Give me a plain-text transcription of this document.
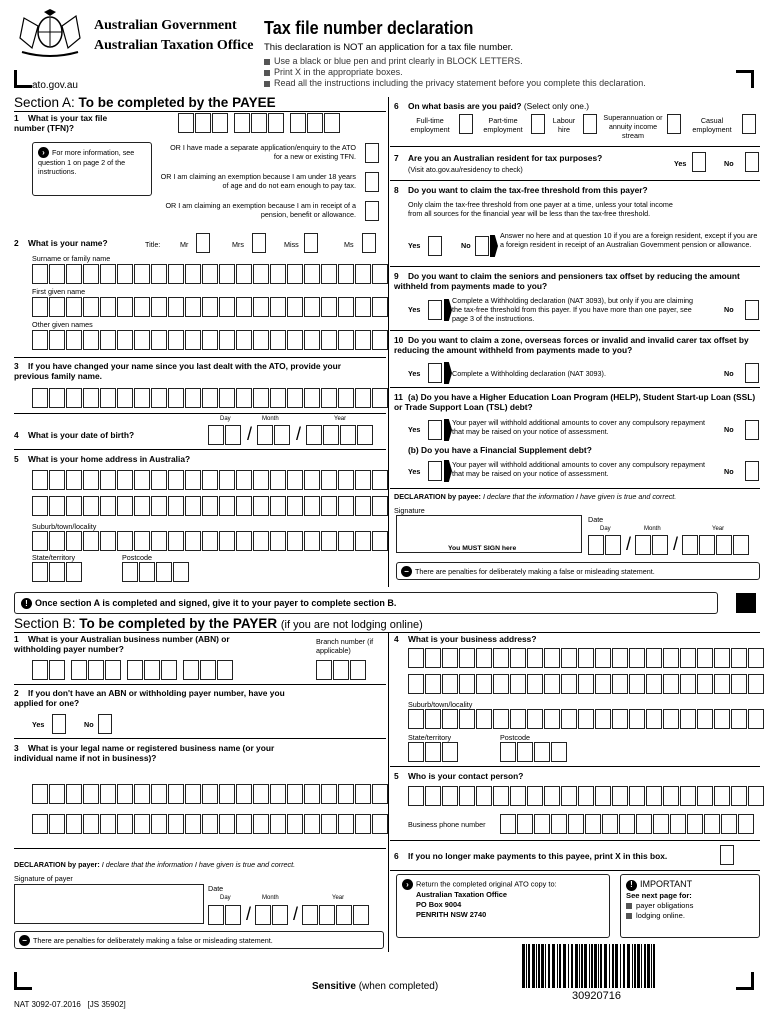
Australian Government
Australian Taxation Office
ato.gov.au
Tax file number declaration
This declaration is NOT an application for a tax file number.
Use a black or blue pen and print clearly in BLOCK LETTERS.
Print X in the appropriate boxes.
Read all the instructions including the privacy statement before you complete this declaration.
Section A: To be completed by the PAYEE
1 What is your tax file number (TFN)?
› For more information, see question 1 on page 2 of the instructions.
OR I have made a separate application/enquiry to the ATO for a new or existing TFN.
OR I am claiming an exemption because I am under 18 years of age and do not earn enough to pay tax.
OR I am claiming an exemption because I am in receipt of a pension, benefit or allowance.
2 What is your name?	Title:	Mr	Mrs	Miss	Ms
Surname or family name
First given name
Other given names
3 If you have changed your name since you last dealt with the ATO, provide your previous family name.
Day	Month	Year
4 What is your date of birth?	/ /
5 What is your home address in Australia?
Suburb/town/locality
State/territory	Postcode
6 On what basis are you paid? (Select only one.)
Full-time employment
Part-time employment
Labour hire
Superannuation or annuity income stream
Casual employment
7 Are you an Australian resident for tax purposes?
(Visit ato.gov.au/residency to check)
Yes	No
8 Do you want to claim the tax-free threshold from this payer?
Only claim the tax-free threshold from one payer at a time, unless your total income from all sources for the financial year will be less than the tax-free threshold.
Yes	No
Answer no here and at question 10 if you are a foreign resident, except if you are a foreign resident in receipt of an Australian Government pension or allowance.
9 Do you want to claim the seniors and pensioners tax offset by reducing the amount withheld from payments made to you?
Yes
Complete a Withholding declaration (NAT 3093), but only if you are claiming the tax-free threshold from this payer. If you have more than one payer, see page 3 of the instructions.
No
10 Do you want to claim a zone, overseas forces or invalid and invalid carer tax offset by reducing the amount withheld from payments made to you?
Yes	Complete a Withholding declaration (NAT 3093).	No
11 (a) Do you have a Higher Education Loan Program (HELP), Student Start-up Loan (SSL) or Trade Support Loan (TSL) debt?
Yes
Your payer will withhold additional amounts to cover any compulsory repayment that may be raised on your notice of assessment.	No
(b) Do you have a Financial Supplement debt?
Yes
Your payer will withhold additional amounts to cover any compulsory repayment that may be raised on your notice of assessment.	No
DECLARATION by payee: I declare that the information I have given is true and correct.
Signature
You MUST SIGN here
Date
Day	Month	Year
/ /
− There are penalties for deliberately making a false or misleading statement.
! Once section A is completed and signed, give it to your payer to complete section B.
Section B: To be completed by the PAYER (if you are not lodging online)
1 What is your Australian business number (ABN) or withholding payer number?
Branch number (if applicable)
2 If you don't have an ABN or withholding payer number, have you applied for one?
Yes	No
3 What is your legal name or registered business name (or your individual name if not in business)?
DECLARATION by payer: I declare that the information I have given is true and correct.
Signature of payer
Date
Day	Month	Year
/ /
− There are penalties for deliberately making a false or misleading statement.
4 What is your business address?
Suburb/town/locality
State/territory	Postcode
5 Who is your contact person?
Business phone number
6 If you no longer make payments to this payee, print X in this box.
› Return the completed original ATO copy to:
Australian Taxation Office
PO Box 9004
PENRITH NSW 2740
! IMPORTANT
See next page for:
payer obligations
lodging online.
Sensitive (when completed)
NAT 3092-07.2016   [JS 35902]
30920716
